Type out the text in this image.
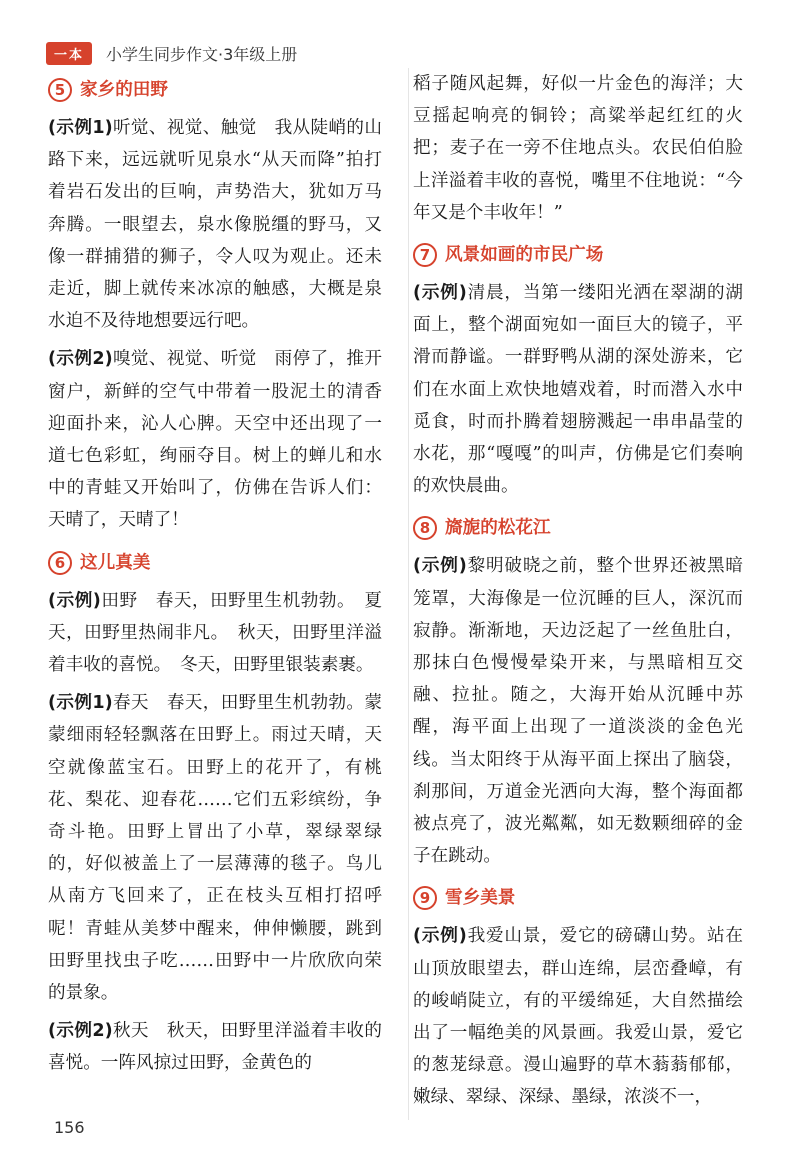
一本	小学生同步作文·3年级上册
5 家乡的田野

(示例1)听觉、视觉、触觉　我从陡峭的山路下来，远远就听见泉水“从天而降”拍打着岩石发出的巨响，声势浩大，犹如万马奔腾。一眼望去，泉水像脱缰的野马，又像一群捕猎的狮子，令人叹为观止。还未走近，脚上就传来冰凉的触感，大概是泉水迫不及待地想要远行吧。

(示例2)嗅觉、视觉、听觉　雨停了，推开窗户，新鲜的空气中带着一股泥土的清香迎面扑来，沁人心脾。天空中还出现了一道七色彩虹，绚丽夺目。树上的蝉儿和水中的青蛙又开始叫了，仿佛在告诉人们：天晴了，天晴了！

6 这儿真美

(示例)田野　春天，田野里生机勃勃。　夏天，田野里热闹非凡。　秋天，田野里洋溢着丰收的喜悦。　冬天，田野里银装素裹。

(示例1)春天　春天，田野里生机勃勃。蒙蒙细雨轻轻飘落在田野上。雨过天晴，天空就像蓝宝石。田野上的花开了，有桃花、梨花、迎春花……它们五彩缤纷，争奇斗艳。田野上冒出了小草，翠绿翠绿的，好似被盖上了一层薄薄的毯子。鸟儿从南方飞回来了，正在枝头互相打招呼呢！青蛙从美梦中醒来，伸伸懒腰，跳到田野里找虫子吃……田野中一片欣欣向荣的景象。

(示例2)秋天　秋天，田野里洋溢着丰收的喜悦。一阵风掠过田野，金黄色的

稻子随风起舞，好似一片金色的海洋；大豆摇起响亮的铜铃；高粱举起红红的火把；麦子在一旁不住地点头。农民伯伯脸上洋溢着丰收的喜悦，嘴里不住地说：“今年又是个丰收年！”

7 风景如画的市民广场

(示例)清晨，当第一缕阳光洒在翠湖的湖面上，整个湖面宛如一面巨大的镜子，平滑而静谧。一群野鸭从湖的深处游来，它们在水面上欢快地嬉戏着，时而潜入水中觅食，时而扑腾着翅膀溅起一串串晶莹的水花，那“嘎嘎”的叫声，仿佛是它们奏响的欢快晨曲。

8 旖旎的松花江

(示例)黎明破晓之前，整个世界还被黑暗笼罩，大海像是一位沉睡的巨人，深沉而寂静。渐渐地，天边泛起了一丝鱼肚白，那抹白色慢慢晕染开来，与黑暗相互交融、拉扯。随之，大海开始从沉睡中苏醒，海平面上出现了一道淡淡的金色光线。当太阳终于从海平面上探出了脑袋，刹那间，万道金光洒向大海，整个海面都被点亮了，波光粼粼，如无数颗细碎的金子在跳动。

9 雪乡美景

(示例)我爱山景，爱它的磅礴山势。站在山顶放眼望去，群山连绵，层峦叠嶂，有的峻峭陡立，有的平缓绵延，大自然描绘出了一幅绝美的风景画。我爱山景，爱它的葱茏绿意。漫山遍野的草木蓊蓊郁郁，嫩绿、翠绿、深绿、墨绿，浓淡不一，

156
